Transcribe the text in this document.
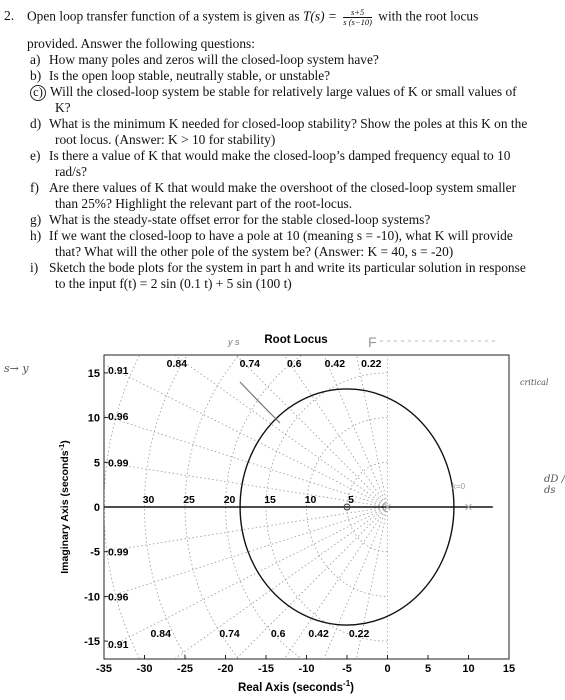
2. Open loop transfer function of a system is given as $T(s) = \frac{s+5}{s (s-10)}$ with the root locus
provided. Answer the following questions:
a) How many poles and zeros will the closed-loop system have?
b) Is the open loop stable, neutrally stable, or unstable?
c) Will the closed-loop system be stable for relatively large values of K or small values of
K?
d) What is the minimum K needed for closed-loop stability? Show the poles at this K on the
root locus. (Answer: K > 10 for stability)
e) Is there a value of K that would make the closed-loop’s damped frequency equal to 10
rad/s?
f) Are there values of K that would make the overshoot of the closed-loop system smaller
than 25%? Highlight the relevant part of the root-locus.
g) What is the steady-state offset error for the stable closed-loop systems?
h) If we want the closed-loop to have a pole at 10 (meaning s = -10), what K will provide
that? What will the other pole of the system be? (Answer: K = 40, s = -20)
i) Sketch the bode plots for the system in part h and write its particular solution in response
to the input f(t) = 2 sin (0.1 t) + 5 sin (100 t)
Root Locus
-35 -30 -25 -20 -15 -10	-5	0	5	10	15
15
10
5
0
-5
-10
-15
0.84	0.74	0.6 0.42 0.22
0.84	0.74	0.6 0.42 0.22
0.91
0.96
0.99
0.99
0.96
0.91
30	25	20	15	10	5
Real Axis (seconds$^{-1}$)
Imaginary Axis (seconds$^{-1}$)
y s	F
k=0
s→ y
critical
dD / ds
